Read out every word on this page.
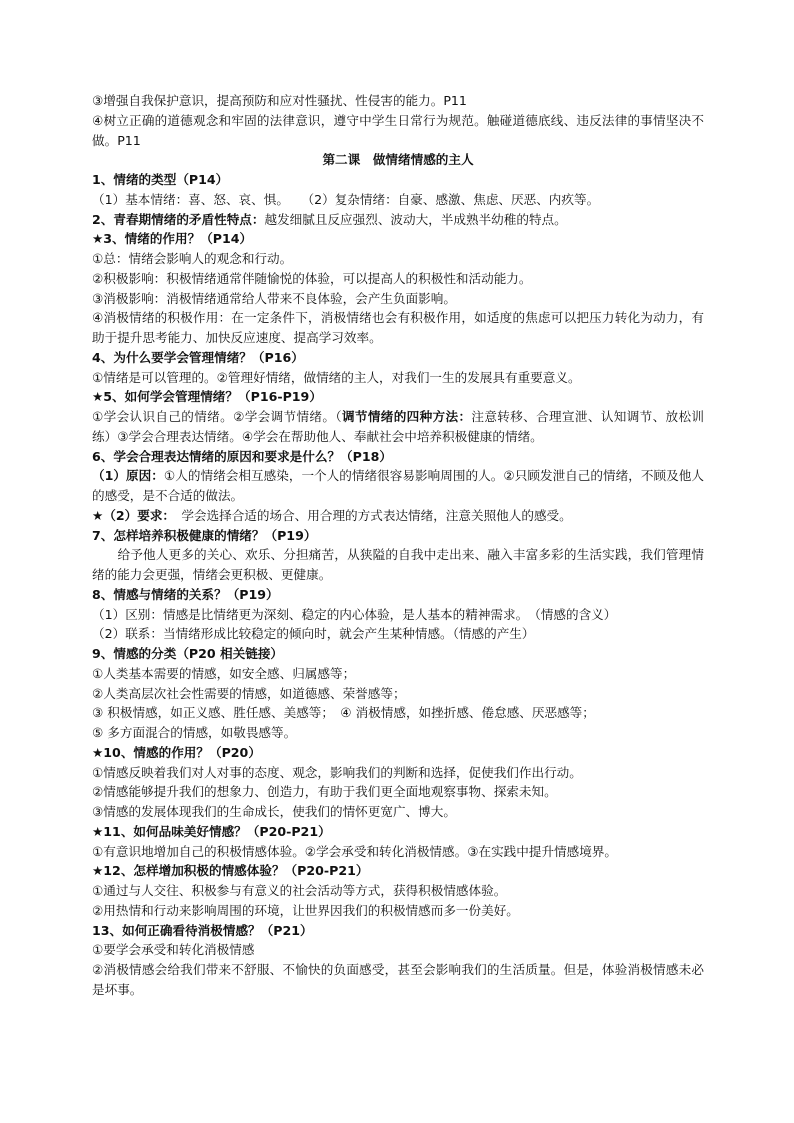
③增强自我保护意识，提高预防和应对性骚扰、性侵害的能力。P11
④树立正确的道德观念和牢固的法律意识，遵守中学生日常行为规范。触碰道德底线、违反法律的事情坚决不做。P11
第二课　做情绪情感的主人
1、情绪的类型（P14）
（1）基本情绪：喜、怒、哀、惧。　　（2）复杂情绪：自豪、感激、焦虑、厌恶、内疚等。
2、青春期情绪的矛盾性特点：越发细腻且反应强烈、波动大，半成熟半幼稚的特点。
★3、情绪的作用？（P14）
①总：情绪会影响人的观念和行动。
②积极影响：积极情绪通常伴随愉悦的体验，可以提高人的积极性和活动能力。
③消极影响：消极情绪通常给人带来不良体验，会产生负面影响。
④消极情绪的积极作用：在一定条件下，消极情绪也会有积极作用，如适度的焦虑可以把压力转化为动力，有助于提升思考能力、加快反应速度、提高学习效率。
4、为什么要学会管理情绪？（P16）
①情绪是可以管理的。②管理好情绪，做情绪的主人，对我们一生的发展具有重要意义。
★5、如何学会管理情绪？（P16-P19）
①学会认识自己的情绪。②学会调节情绪。（调节情绪的四种方法：注意转移、合理宣泄、认知调节、放松训练）③学会合理表达情绪。④学会在帮助他人、奉献社会中培养积极健康的情绪。
6、学会合理表达情绪的原因和要求是什么？（P18）
（1）原因：①人的情绪会相互感染，一个人的情绪很容易影响周围的人。②只顾发泄自己的情绪，不顾及他人的感受，是不合适的做法。
★（2）要求：　学会选择合适的场合、用合理的方式表达情绪，注意关照他人的感受。
7、怎样培养积极健康的情绪？（P19）
　　给予他人更多的关心、欢乐、分担痛苦，从狭隘的自我中走出来、融入丰富多彩的生活实践，我们管理情绪的能力会更强，情绪会更积极、更健康。
8、情感与情绪的关系？（P19）
（1）区别：情感是比情绪更为深刻、稳定的内心体验，是人基本的精神需求。　（情感的含义）
（2）联系：当情绪形成比较稳定的倾向时，就会产生某种情感。（情感的产生）
9、情感的分类（P20 相关链接）
①人类基本需要的情感，如安全感、归属感等；
②人类高层次社会性需要的情感，如道德感、荣誉感等；
③ 积极情感，如正义感、胜任感、美感等；　④ 消极情感，如挫折感、倦怠感、厌恶感等；
⑤ 多方面混合的情感，如敬畏感等。
★10、情感的作用？（P20）
①情感反映着我们对人对事的态度、观念，影响我们的判断和选择，促使我们作出行动。
②情感能够提升我们的想象力、创造力，有助于我们更全面地观察事物、探索未知。
③情感的发展体现我们的生命成长，使我们的情怀更宽广、博大。
★11、如何品味美好情感？（P20-P21）
①有意识地增加自己的积极情感体验。②学会承受和转化消极情感。③在实践中提升情感境界。
★12、怎样增加积极的情感体验？（P20-P21）
①通过与人交往、积极参与有意义的社会活动等方式，获得积极情感体验。
②用热情和行动来影响周围的环境，让世界因我们的积极情感而多一份美好。
13、如何正确看待消极情感？（P21）
①要学会承受和转化消极情感
②消极情感会给我们带来不舒服、不愉快的负面感受，甚至会影响我们的生活质量。但是，体验消极情感未必是坏事。
